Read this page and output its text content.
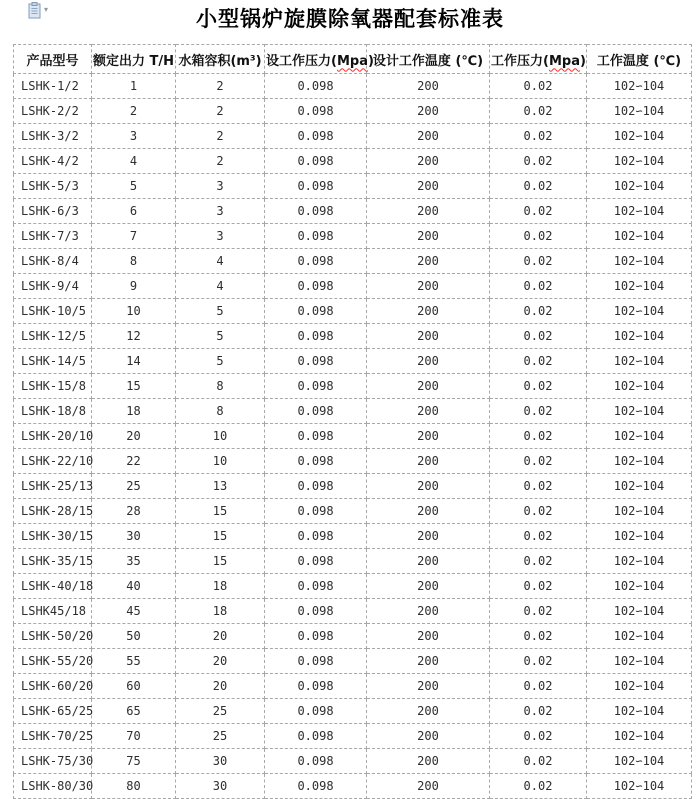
▾	小型锅炉旋膜除氧器配套标准表
产品型号	额定出力 T/H	水箱容积(m³)	设工作压力(Mpa)	设计工作温度 (℃)	工作压力(Mpa)	工作温度 (℃)
LSHK-1/2	1	2	0.098	200	0.02	102∽104
LSHK-2/2	2	2	0.098	200	0.02	102∽104
LSHK-3/2	3	2	0.098	200	0.02	102∽104
LSHK-4/2	4	2	0.098	200	0.02	102∽104
LSHK-5/3	5	3	0.098	200	0.02	102∽104
LSHK-6/3	6	3	0.098	200	0.02	102∽104
LSHK-7/3	7	3	0.098	200	0.02	102∽104
LSHK-8/4	8	4	0.098	200	0.02	102∽104
LSHK-9/4	9	4	0.098	200	0.02	102∽104
LSHK-10/5	10	5	0.098	200	0.02	102∽104
LSHK-12/5	12	5	0.098	200	0.02	102∽104
LSHK-14/5	14	5	0.098	200	0.02	102∽104
LSHK-15/8	15	8	0.098	200	0.02	102∽104
LSHK-18/8	18	8	0.098	200	0.02	102∽104
LSHK-20/10	20	10	0.098	200	0.02	102∽104
LSHK-22/10	22	10	0.098	200	0.02	102∽104
LSHK-25/13	25	13	0.098	200	0.02	102∽104
LSHK-28/15	28	15	0.098	200	0.02	102∽104
LSHK-30/15	30	15	0.098	200	0.02	102∽104
LSHK-35/15	35	15	0.098	200	0.02	102∽104
LSHK-40/18	40	18	0.098	200	0.02	102∽104
LSHK45/18	45	18	0.098	200	0.02	102∽104
LSHK-50/20	50	20	0.098	200	0.02	102∽104
LSHK-55/20	55	20	0.098	200	0.02	102∽104
LSHK-60/20	60	20	0.098	200	0.02	102∽104
LSHK-65/25	65	25	0.098	200	0.02	102∽104
LSHK-70/25	70	25	0.098	200	0.02	102∽104
LSHK-75/30	75	30	0.098	200	0.02	102∽104
LSHK-80/30	80	30	0.098	200	0.02	102∽104
